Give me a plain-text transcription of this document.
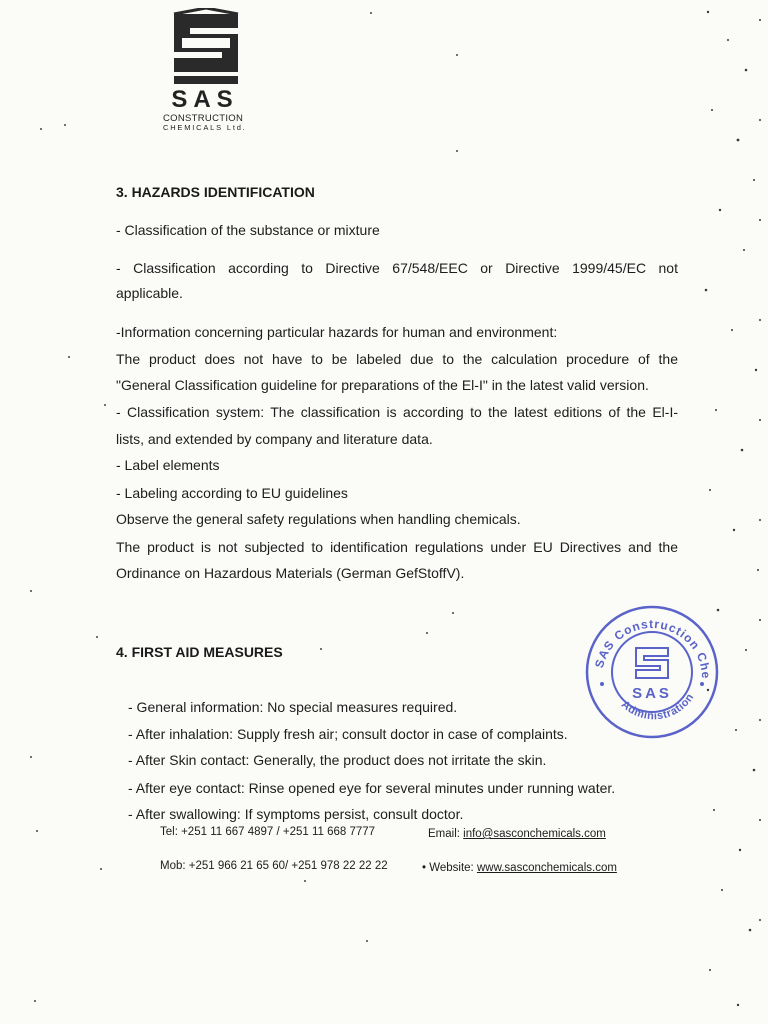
SAS
CONSTRUCTION
CHEMICALS Ltd.
3. HAZARDS IDENTIFICATION
- Classification of the substance or mixture
- Classification according to Directive 67/548/EEC or Directive 1999/45/EC not
applicable.
-Information concerning particular hazards for human and environment:
The product does not have to be labeled due to the calculation procedure of the
"General Classification guideline for preparations of the El-I" in the latest valid version.
- Classification system: The classification is according to the latest editions of the El-I-
lists, and extended by company and literature data.
- Label elements
- Labeling according to EU guidelines
Observe the general safety regulations when handling chemicals.
The product is not subjected to identification regulations under EU Directives and the
Ordinance on Hazardous Materials (German GefStoffV).
4. FIRST AID MEASURES
- General information: No special measures required.
- After inhalation: Supply fresh air; consult doctor in case of complaints.
- After Skin contact: Generally, the product does not irritate the skin.
- After eye contact: Rinse opened eye for several minutes under running water.
- After swallowing: If symptoms persist, consult doctor.
Tel: +251 11 667 4897 / +251 11 668 7777	Email: info@sasconchemicals.com
Mob: +251 966 21 65 60/ +251 978 22 22 22	• Website: www.sasconchemicals.com
SAS Construction Che
Administration
SAS
